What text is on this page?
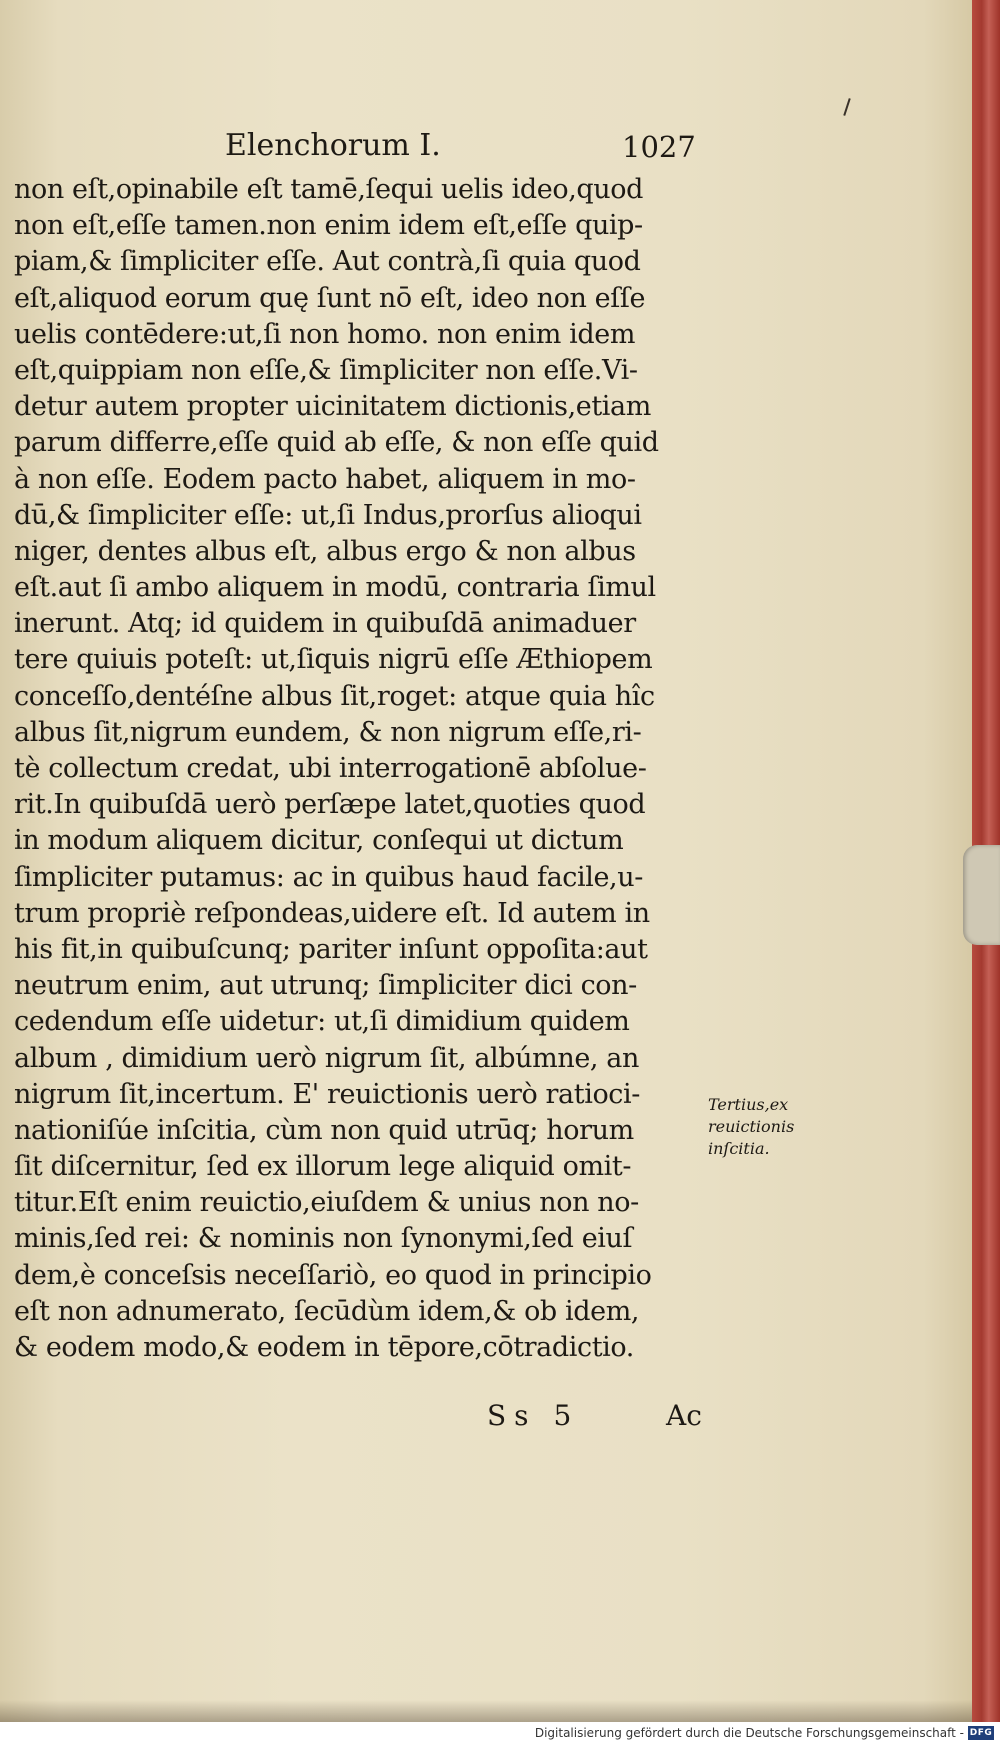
Elenchorum I.	1027
non eſt,opinabile eſt tamē,ſequi uelis ideo,quod
non eſt,eſſe tamen.non enim idem eſt,eſſe quip-
piam,& ſimpliciter eſſe. Aut contrà,ſi quia quod
eſt,aliquod eorum quę ſunt nō eſt, ideo non eſſe
uelis contēdere:ut,ſi non homo. non enim idem
eſt,quippiam non eſſe,& ſimpliciter non eſſe.Vi-
detur autem propter uicinitatem dictionis,etiam
parum differre,eſſe quid ab eſſe, & non eſſe quid
à non eſſe. Eodem pacto habet, aliquem in mo-
dū,& ſimpliciter eſſe: ut,ſi Indus,prorſus alioqui
niger, dentes albus eſt, albus ergo & non albus
eſt.aut ſi ambo aliquem in modū, contraria ſimul
inerunt. Atq; id quidem in quibuſdā animaduer
tere quiuis poteſt: ut,ſiquis nigrū eſſe Æthiopem
conceſſo,dentéſne albus ſit,roget: atque quia hîc
albus ſit,nigrum eundem, & non nigrum eſſe,ri-
tè collectum credat, ubi interrogationē abſolue-
rit.In quibuſdā uerò perſæpe latet,quoties quod
in modum aliquem dicitur, conſequi ut dictum
ſimpliciter putamus: ac in quibus haud facile,u-
trum propriè reſpondeas,uidere eſt. Id autem in
his fit,in quibuſcunq; pariter inſunt oppoſita:aut
neutrum enim, aut utrunq; ſimpliciter dici con-
cedendum eſſe uidetur: ut,ſi dimidium quidem
album , dimidium uerò nigrum ſit, albúmne, an
nigrum ſit,incertum. E' reuictionis uerò ratioci-
nationiſúe inſcitia, cùm non quid utrūq; horum
ſit diſcernitur, ſed ex illorum lege aliquid omit-
titur.Eſt enim reuictio,eiuſdem & unius non no-
minis,ſed rei: & nominis non ſynonymi,ſed eiuſ
dem,è conceſsis neceſſariò, eo quod in principio
eſt non adnumerato, ſecūdùm idem,& ob idem,
& eodem modo,& eodem in tēpore,cōtradictio.
Tertius,ex
reuictionis
inſcitia.
Ss 5	Ac
Digitalisierung gefördert durch die Deutsche Forschungsgemeinschaft - DFG
